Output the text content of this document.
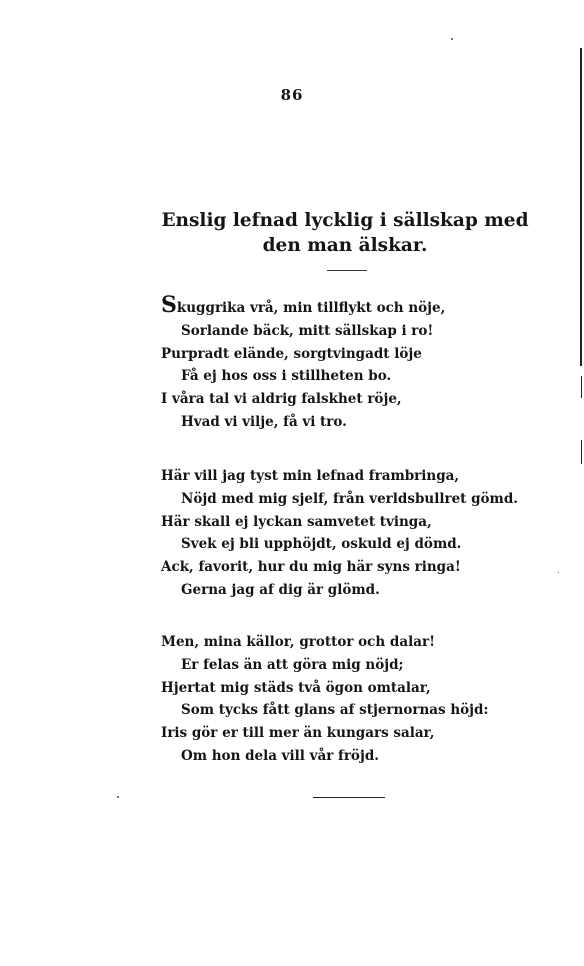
86
Enslig lefnad lycklig i sällskap med
den man älskar.
Skuggrika vrå, min tillflykt och nöje,
Sorlande bäck, mitt sällskap i ro!
Purpradt elände, sorgtvingadt löje
Få ej hos oss i stillheten bo.
I våra tal vi aldrig falskhet röje,
Hvad vi vilje, få vi tro.
Här vill jag tyst min lefnad frambringa,
Nöjd med mig sjelf, från verldsbullret gömd.
Här skall ej lyckan samvetet tvinga,
Svek ej bli upphöjdt, oskuld ej dömd.
Ack, favorit, hur du mig här syns ringa!
Gerna jag af dig är glömd.
Men, mina källor, grottor och dalar!
Er felas än att göra mig nöjd;
Hjertat mig städs två ögon omtalar,
Som tycks fått glans af stjernornas höjd:
Iris gör er till mer än kungars salar,
Om hon dela vill vår fröjd.
